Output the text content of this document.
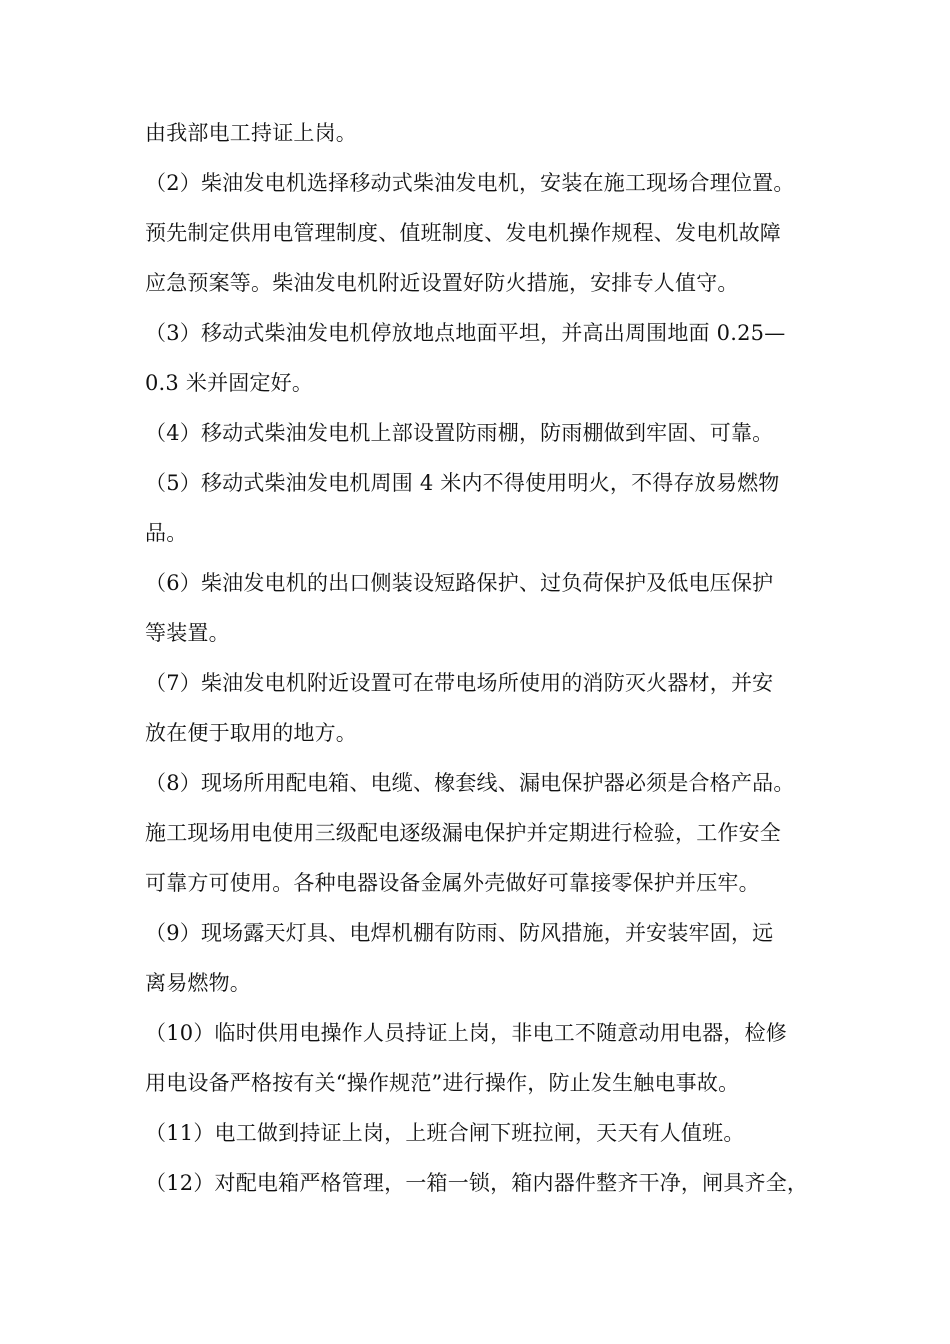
由我部电工持证上岗。
（2）柴油发电机选择移动式柴油发电机，安装在施工现场合理位置。
预先制定供用电管理制度、值班制度、发电机操作规程、发电机故障
应急预案等。柴油发电机附近设置好防火措施，安排专人值守。
（3）移动式柴油发电机停放地点地面平坦，并高出周围地面 0.25—
0.3 米并固定好。
（4）移动式柴油发电机上部设置防雨棚，防雨棚做到牢固、可靠。
（5）移动式柴油发电机周围 4 米内不得使用明火，不得存放易燃物
品。
（6）柴油发电机的出口侧装设短路保护、过负荷保护及低电压保护
等装置。
（7）柴油发电机附近设置可在带电场所使用的消防灭火器材，并安
放在便于取用的地方。
（8）现场所用配电箱、电缆、橡套线、漏电保护器必须是合格产品。
施工现场用电使用三级配电逐级漏电保护并定期进行检验，工作安全
可靠方可使用。各种电器设备金属外壳做好可靠接零保护并压牢。
（9）现场露天灯具、电焊机棚有防雨、防风措施，并安装牢固，远
离易燃物。
（10）临时供用电操作人员持证上岗，非电工不随意动用电器，检修
用电设备严格按有关“操作规范”进行操作，防止发生触电事故。
（11）电工做到持证上岗，上班合闸下班拉闸，天天有人值班。
（12）对配电箱严格管理，一箱一锁，箱内器件整齐干净，闸具齐全，
